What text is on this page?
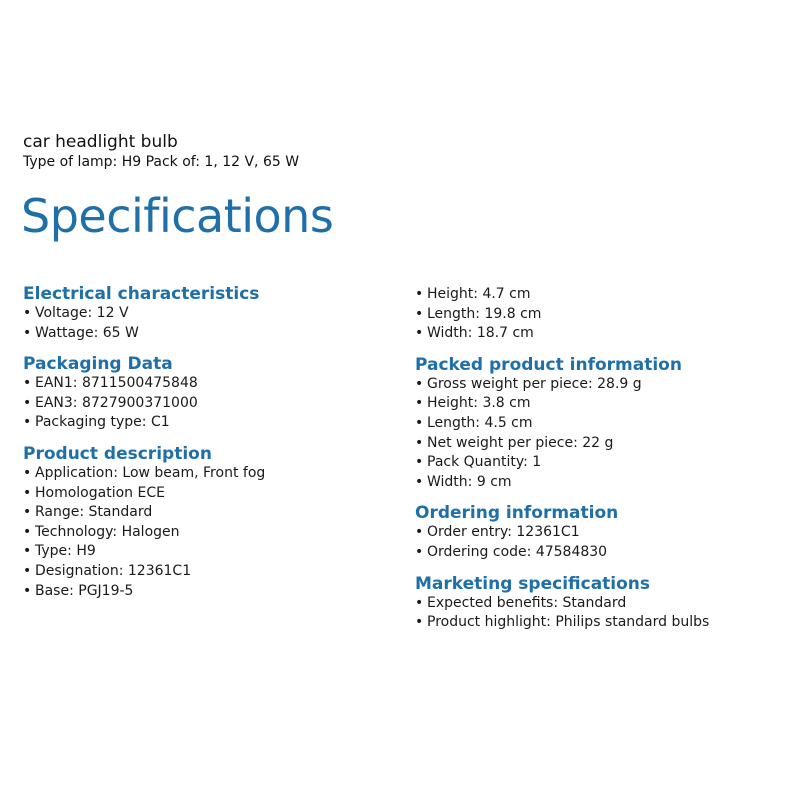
car headlight bulb
Type of lamp: H9 Pack of: 1, 12 V, 65 W
Specifications
Electrical characteristics
• Voltage: 12 V
• Wattage: 65 W
Packaging Data
• EAN1: 8711500475848
• EAN3: 8727900371000
• Packaging type: C1
Product description
• Application: Low beam, Front fog
• Homologation ECE
• Range: Standard
• Technology: Halogen
• Type: H9
• Designation: 12361C1
• Base: PGJ19-5
• Height: 4.7 cm
• Length: 19.8 cm
• Width: 18.7 cm
Packed product information
• Gross weight per piece: 28.9 g
• Height: 3.8 cm
• Length: 4.5 cm
• Net weight per piece: 22 g
• Pack Quantity: 1
• Width: 9 cm
Ordering information
• Order entry: 12361C1
• Ordering code: 47584830
Marketing specifications
• Expected benefits: Standard
• Product highlight: Philips standard bulbs
